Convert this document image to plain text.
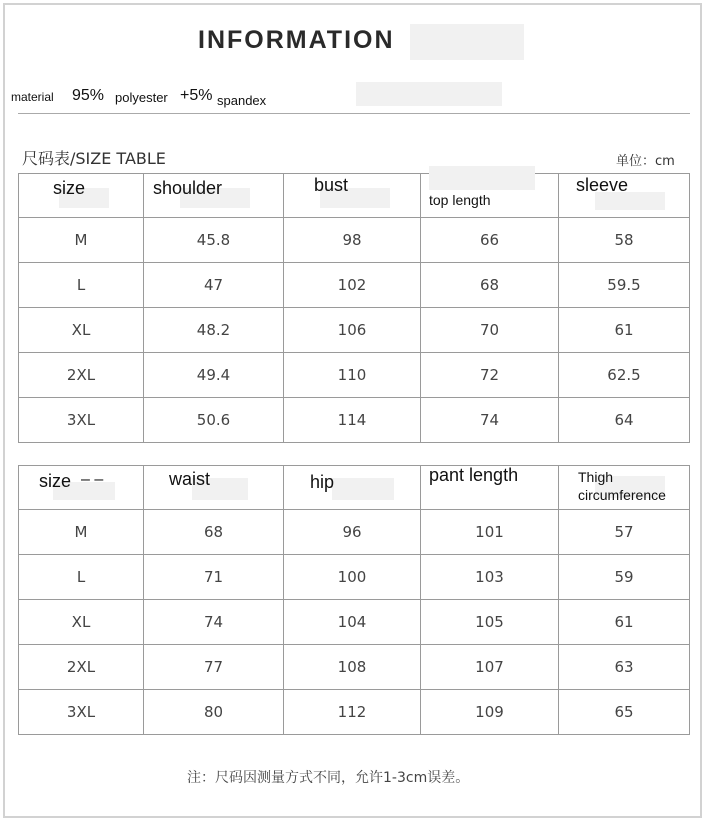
INFORMATION
material 95% polyester +5% spandex
尺码表/SIZE TABLE	单位：cm
size	shoulder	bust	top length	sleeve

M	45.8	98	66	58
L	47	102	68	59.5
XL	48.2	106	70	61
2XL	49.4	110	72	62.5
3XL	50.6	114	74	64
size ‒ ‒	waist	hip	pant length	Thigh circumference

M	68	96	101	57
L	71	100	103	59
XL	74	104	105	61
2XL	77	108	107	63
3XL	80	112	109	65
注：尺码因测量方式不同，允许1-3cm误差。
